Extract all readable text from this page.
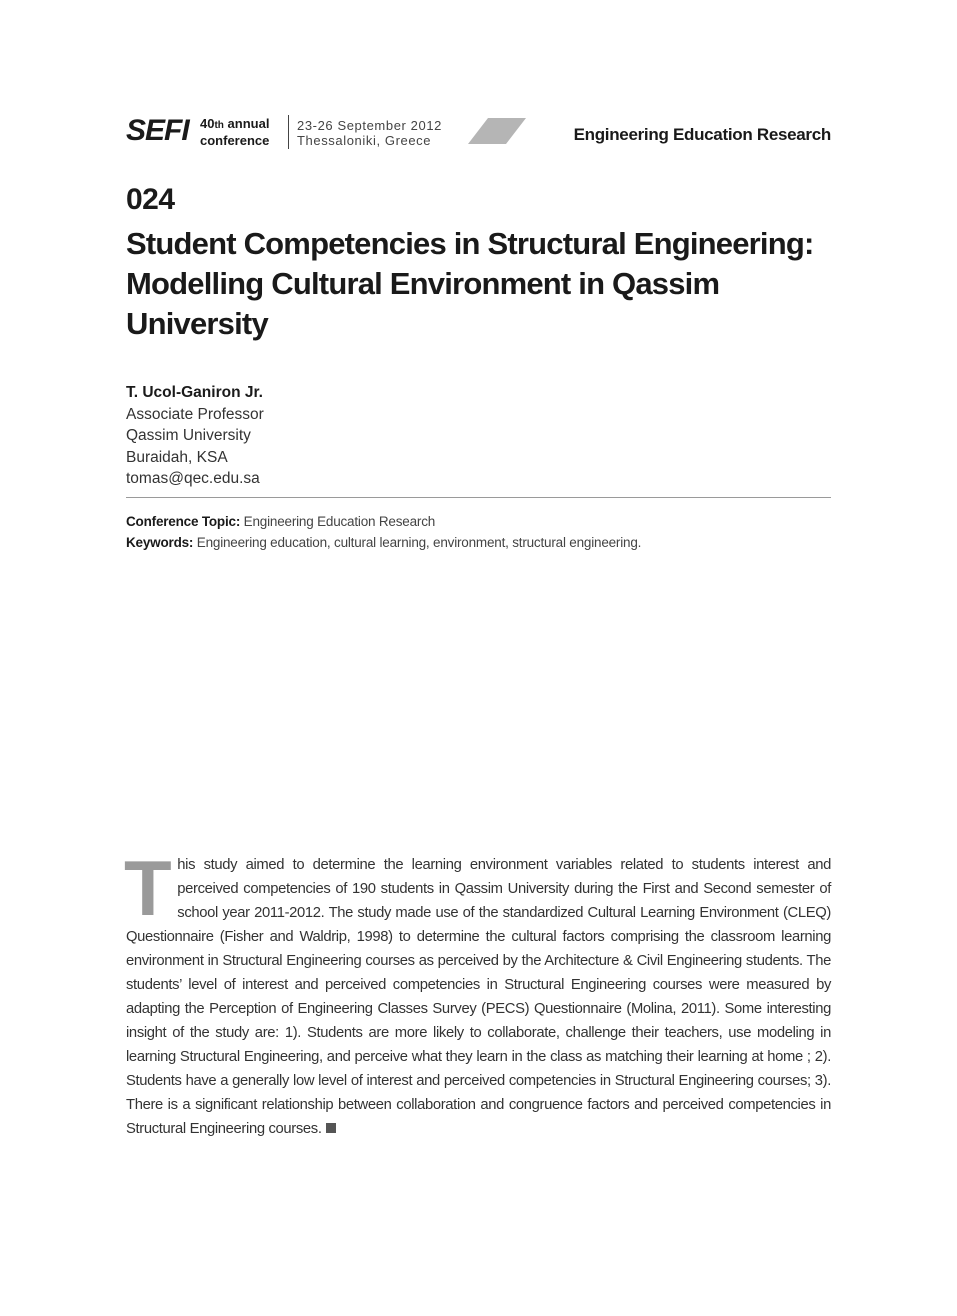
SEFI 40th annual
conference
23-26 September 2012
Thessaloniki, Greece	Engineering Education Research
024
Student Competencies in Structural Engineering: Modelling Cultural Environment in Qassim University
T. Ucol-Ganiron Jr.
Associate Professor
Qassim University
Buraidah, KSA
tomas@qec.edu.sa
Conference Topic: Engineering Education Research
Keywords: Engineering education, cultural learning, environment, structural engineering.
This study aimed to determine the learning environment variables related to students interest and perceived competencies of 190 students in Qassim University during the First and Second semester of school year 2011-2012. The study made use of the standardized Cultural Learning Environment (CLEQ) Questionnaire (Fisher and Waldrip, 1998) to determine the cultural factors comprising the classroom learning environment in Structural Engineering courses as perceived by the Architecture & Civil Engineering students. The students’ level of interest and perceived competencies in Structural Engineering courses were measured by adapting the Perception of Engineering Classes Survey (PECS) Questionnaire (Molina, 2011). Some interesting insight of the study are: 1). Students are more likely to collaborate, challenge their teachers, use modeling in learning Structural Engineering, and perceive what they learn in the class as matching their learning at home ; 2). Students have a generally low level of interest and perceived competencies in Structural Engineering courses; 3). There is a significant relationship between collaboration and congruence factors and perceived competencies in Structural Engineering courses.
